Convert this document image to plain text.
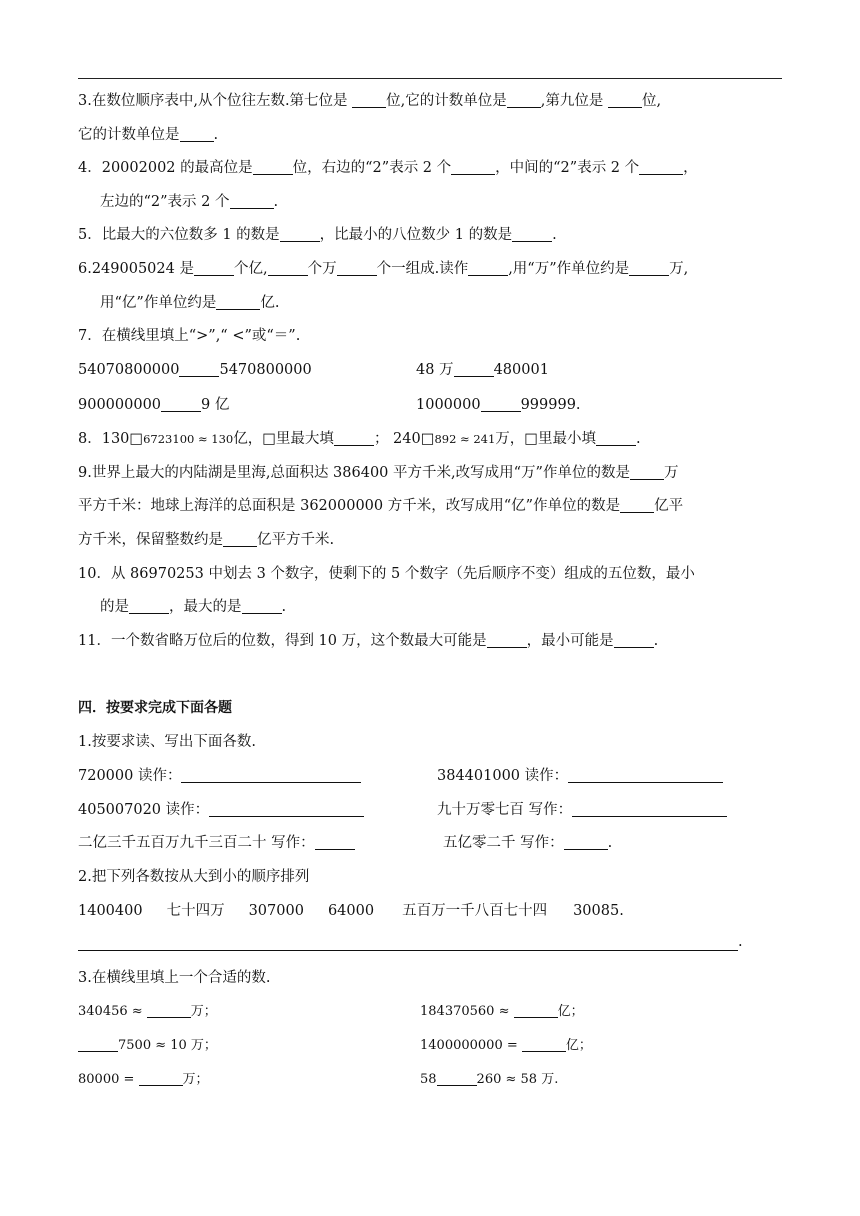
3.在数位顺序表中,从个位往左数.第七位是 位,它的计数单位是 ,第九位是 位,
它的计数单位是 .
4．20002002 的最高位是	位，右边的“2”表示 2 个	，中间的“2”表示 2 个	，
左边的“2”表示 2 个	.
5．比最大的六位数多 1 的数是	，比最小的八位数少 1 的数是	.
6.249005024 是	个亿,	个万	个一组成.读作	,用“万”作单位约是	万,
用“亿”作单位约是	亿.
7．在横线里填上“>”,“ <”或“＝”.
54070800000	5470800000	48 万	480001
900000000	9 亿	1000000	999999.
8．130□6723100 ≈ 130亿，□里最大填	； 240□892 ≈ 241万，□里最小填	.
9.世界上最大的内陆湖是里海,总面积达 386400 平方千米,改写成用“万”作单位的数是 万
平方千米：地球上海洋的总面积是 362000000 方千米，改写成用“亿”作单位的数是 亿平
方千米，保留整数约是 亿平方千米.
10．从 86970253 中划去 3 个数字，使剩下的 5 个数字（先后顺序不变）组成的五位数，最小
的是	，最大的是	.
11．一个数省略万位后的位数，得到 10 万，这个数最大可能是	，最小可能是	.
四．按要求完成下面各题
1.按要求读、写出下面各数.
720000 读作：	384401000 读作：
405007020 读作：	九十万零七百 写作：
二亿三千五百万九千三百二十 写作：	五亿零二千 写作：	.
2.把下列各数按从大到小的顺序排列
1400400 七十四万 307000 64000 五百万一千八百七十四 30085.
.
3.在横线里填上一个合适的数.
340456 ≈	万；	184370560 ≈	亿；
7500 ≈ 10 万；	1400000000 =	亿；
80000 =	万；	58	260 ≈ 58 万.
